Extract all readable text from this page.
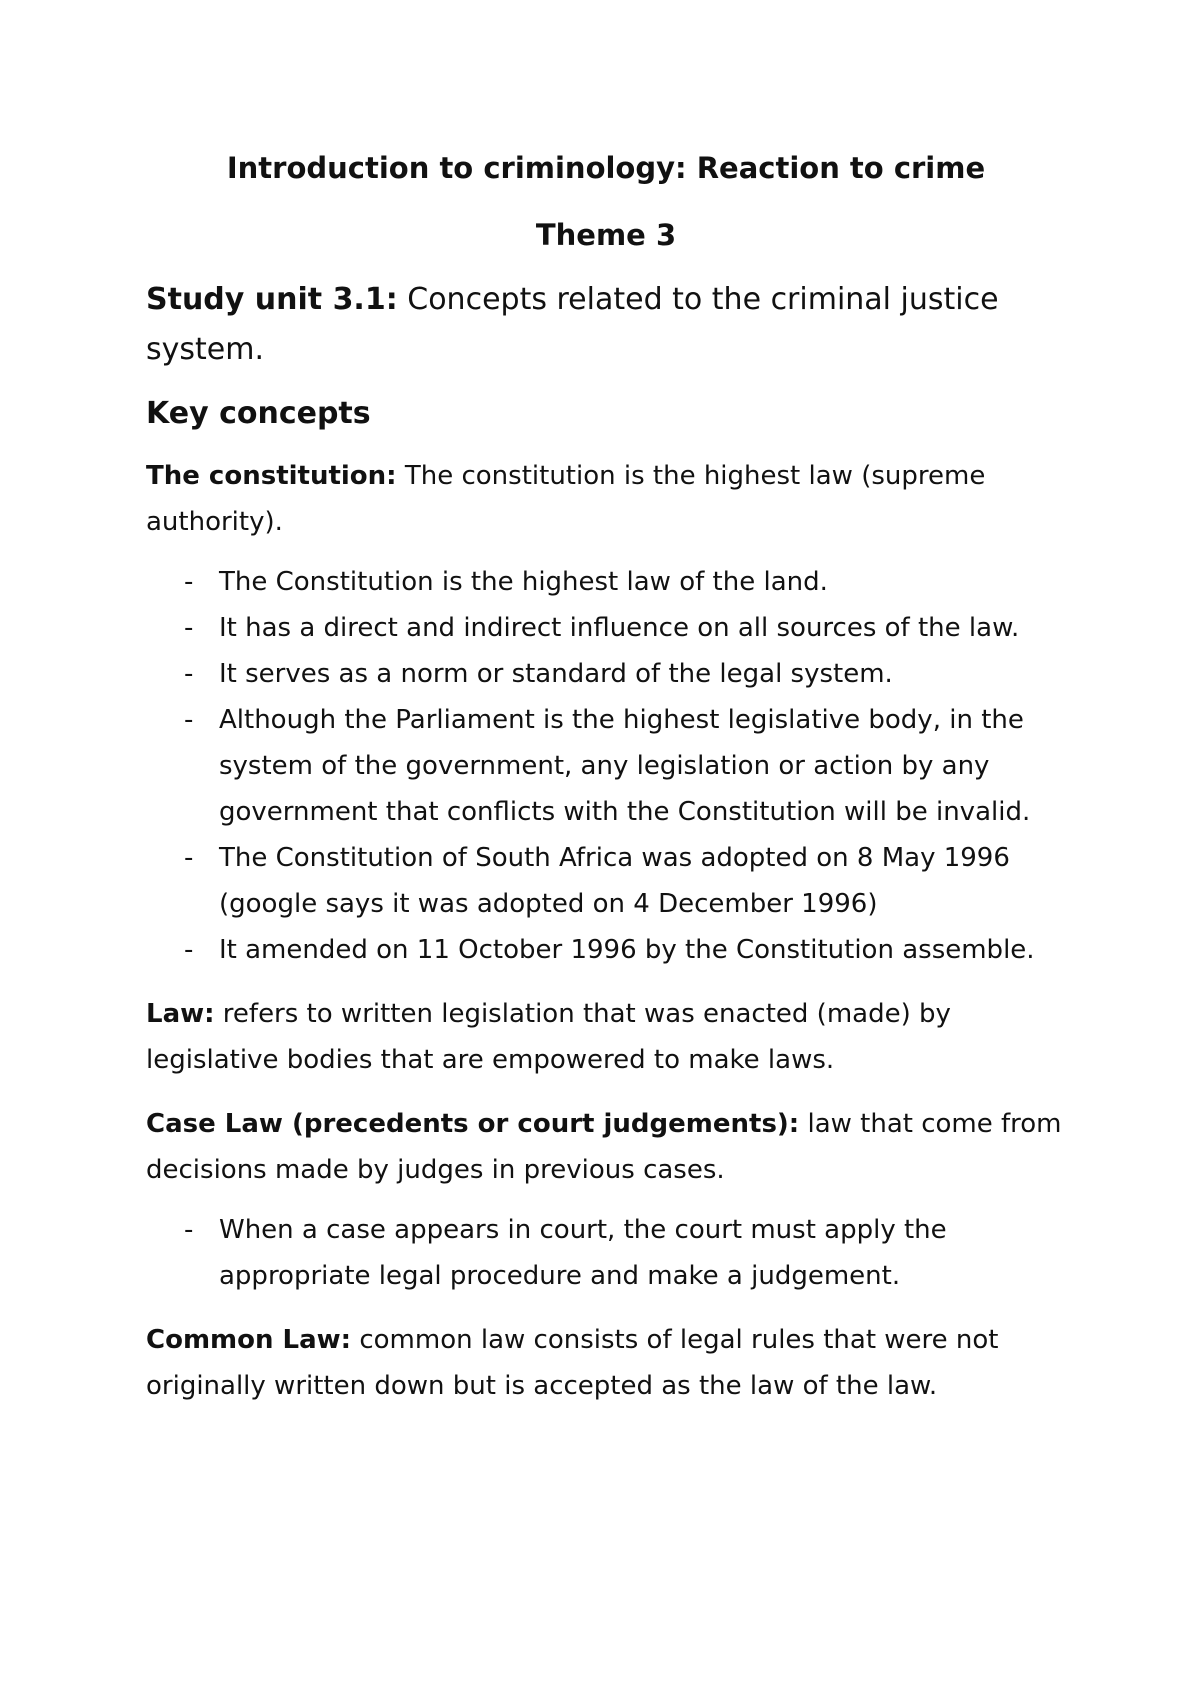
Introduction to criminology: Reaction to crime
Theme 3

Study unit 3.1: Concepts related to the criminal justice system.

Key concepts

The constitution: The constitution is the highest law (supreme authority).

- The Constitution is the highest law of the land.
- It has a direct and indirect influence on all sources of the law.
- It serves as a norm or standard of the legal system.
- Although the Parliament is the highest legislative body, in the system of the government, any legislation or action by any government that conflicts with the Constitution will be invalid.
- The Constitution of South Africa was adopted on 8 May 1996 (google says it was adopted on 4 December 1996)
- It amended on 11 October 1996 by the Constitution assemble.

Law: refers to written legislation that was enacted (made) by legislative bodies that are empowered to make laws.

Case Law (precedents or court judgements): law that come from decisions made by judges in previous cases.

- When a case appears in court, the court must apply the appropriate legal procedure and make a judgement.

Common Law: common law consists of legal rules that were not originally written down but is accepted as the law of the law.
